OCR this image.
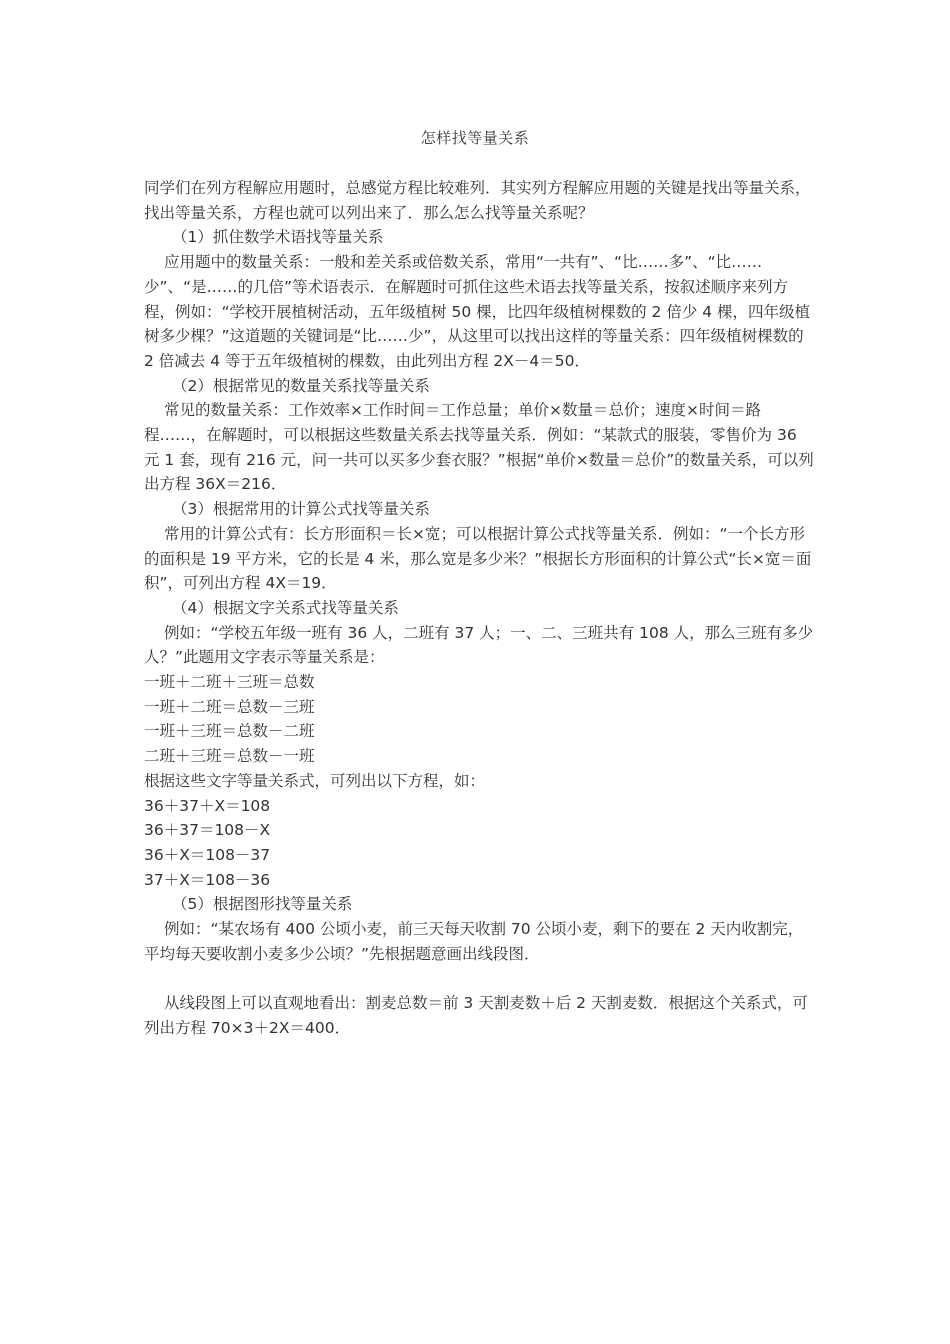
怎样找等量关系

同学们在列方程解应用题时，总感觉方程比较难列．其实列方程解应用题的关键是找出等量关系，找出等量关系，方程也就可以列出来了．那么怎么找等量关系呢？

（1）抓住数学术语找等量关系

应用题中的数量关系：一般和差关系或倍数关系，常用“一共有”、“比……多”、“比……少”、“是……的几倍”等术语表示．在解题时可抓住这些术语去找等量关系，按叙述顺序来列方程，例如：“学校开展植树活动，五年级植树 50 棵，比四年级植树棵数的 2 倍少 4 棵，四年级植树多少棵？”这道题的关键词是“比……少”，从这里可以找出这样的等量关系：四年级植树棵数的 2 倍减去 4 等于五年级植树的棵数，由此列出方程 2X－4＝50．

（2）根据常见的数量关系找等量关系

常见的数量关系：工作效率×工作时间＝工作总量；单价×数量＝总价；速度×时间＝路程……，在解题时，可以根据这些数量关系去找等量关系．例如：“某款式的服装，零售价为 36 元 1 套，现有 216 元，问一共可以买多少套衣服？”根据“单价×数量＝总价”的数量关系，可以列出方程 36X＝216．

（3）根据常用的计算公式找等量关系

常用的计算公式有：长方形面积＝长×宽；可以根据计算公式找等量关系．例如：“一个长方形的面积是 19 平方米，它的长是 4 米，那么宽是多少米？”根据长方形面积的计算公式“长×宽＝面积”，可列出方程 4X＝19．

（4）根据文字关系式找等量关系

例如：“学校五年级一班有 36 人，二班有 37 人；一、二、三班共有 108 人，那么三班有多少人？”此题用文字表示等量关系是：

一班＋二班＋三班＝总数

一班＋二班＝总数－三班

一班＋三班＝总数－二班

二班＋三班＝总数－一班

根据这些文字等量关系式，可列出以下方程，如：

36＋37＋X＝108

36＋37＝108－X

36＋X＝108－37

37＋X＝108－36

（5）根据图形找等量关系

例如：“某农场有 400 公顷小麦，前三天每天收割 70 公顷小麦，剩下的要在 2 天内收割完，平均每天要收割小麦多少公顷？”先根据题意画出线段图．

从线段图上可以直观地看出：割麦总数＝前 3 天割麦数＋后 2 天割麦数．根据这个关系式，可列出方程 70×3＋2X＝400．
